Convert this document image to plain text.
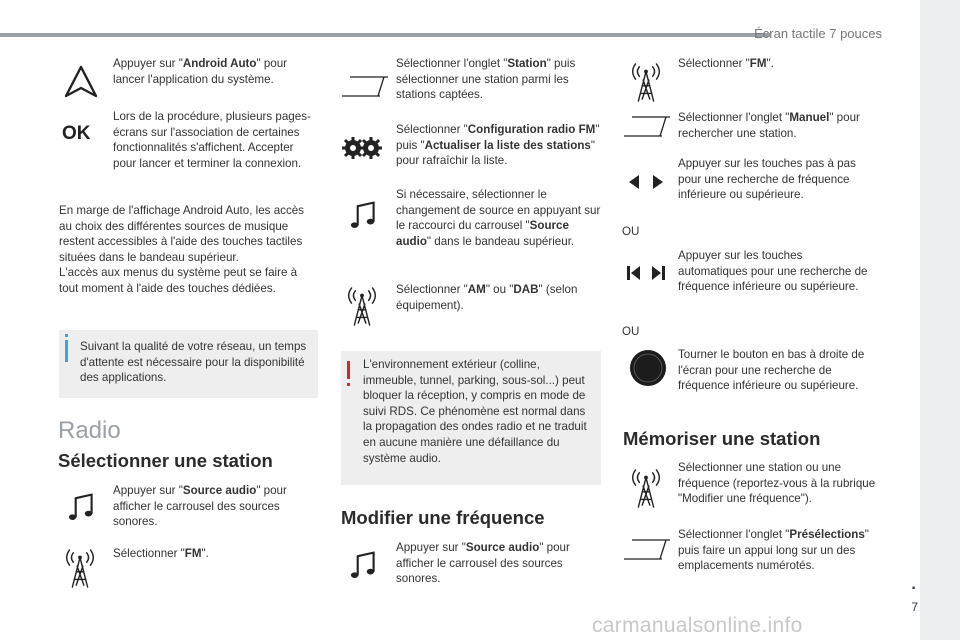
Écran tactile 7 pouces
.
7
Appuyer sur "Android Auto" pour lancer l'application du système.
OK
Lors de la procédure, plusieurs pages-écrans sur l'association de certaines fonctionnalités s'affichent. Accepter pour lancer et terminer la connexion.
En marge de l'affichage Android Auto, les accès au choix des différentes sources de musique restent accessibles à l'aide des touches tactiles situées dans le bandeau supérieur.
L'accès aux menus du système peut se faire à tout moment à l'aide des touches dédiées.
Suivant la qualité de votre réseau, un temps d'attente est nécessaire pour la disponibilité des applications.
Radio
Sélectionner une station
Appuyer sur "Source audio" pour afficher le carrousel des sources sonores.
Sélectionner "FM".
Sélectionner l'onglet "Station" puis sélectionner une station parmi les stations captées.
Sélectionner "Configuration radio FM" puis "Actualiser la liste des stations" pour rafraîchir la liste.
Si nécessaire, sélectionner le changement de source en appuyant sur le raccourci du carrousel "Source audio" dans le bandeau supérieur.
Sélectionner "AM" ou "DAB" (selon équipement).
L'environnement extérieur (colline, immeuble, tunnel, parking, sous-sol...) peut bloquer la réception, y compris en mode de suivi RDS. Ce phénomène est normal dans la propagation des ondes radio et ne traduit en aucune manière une défaillance du système audio.
Modifier une fréquence
Appuyer sur "Source audio" pour afficher le carrousel des sources sonores.
Sélectionner "FM".
Sélectionner l'onglet "Manuel" pour rechercher une station.
Appuyer sur les touches pas à pas pour une recherche de fréquence inférieure ou supérieure.
OU
Appuyer sur les touches automatiques pour une recherche de fréquence inférieure ou supérieure.
OU
Tourner le bouton en bas à droite de l'écran pour une recherche de fréquence inférieure ou supérieure.
Mémoriser une station
Sélectionner une station ou une fréquence (reportez-vous à la rubrique "Modifier une fréquence").
Sélectionner l'onglet "Présélections" puis faire un appui long sur un des emplacements numérotés.
carmanualsonline.info
